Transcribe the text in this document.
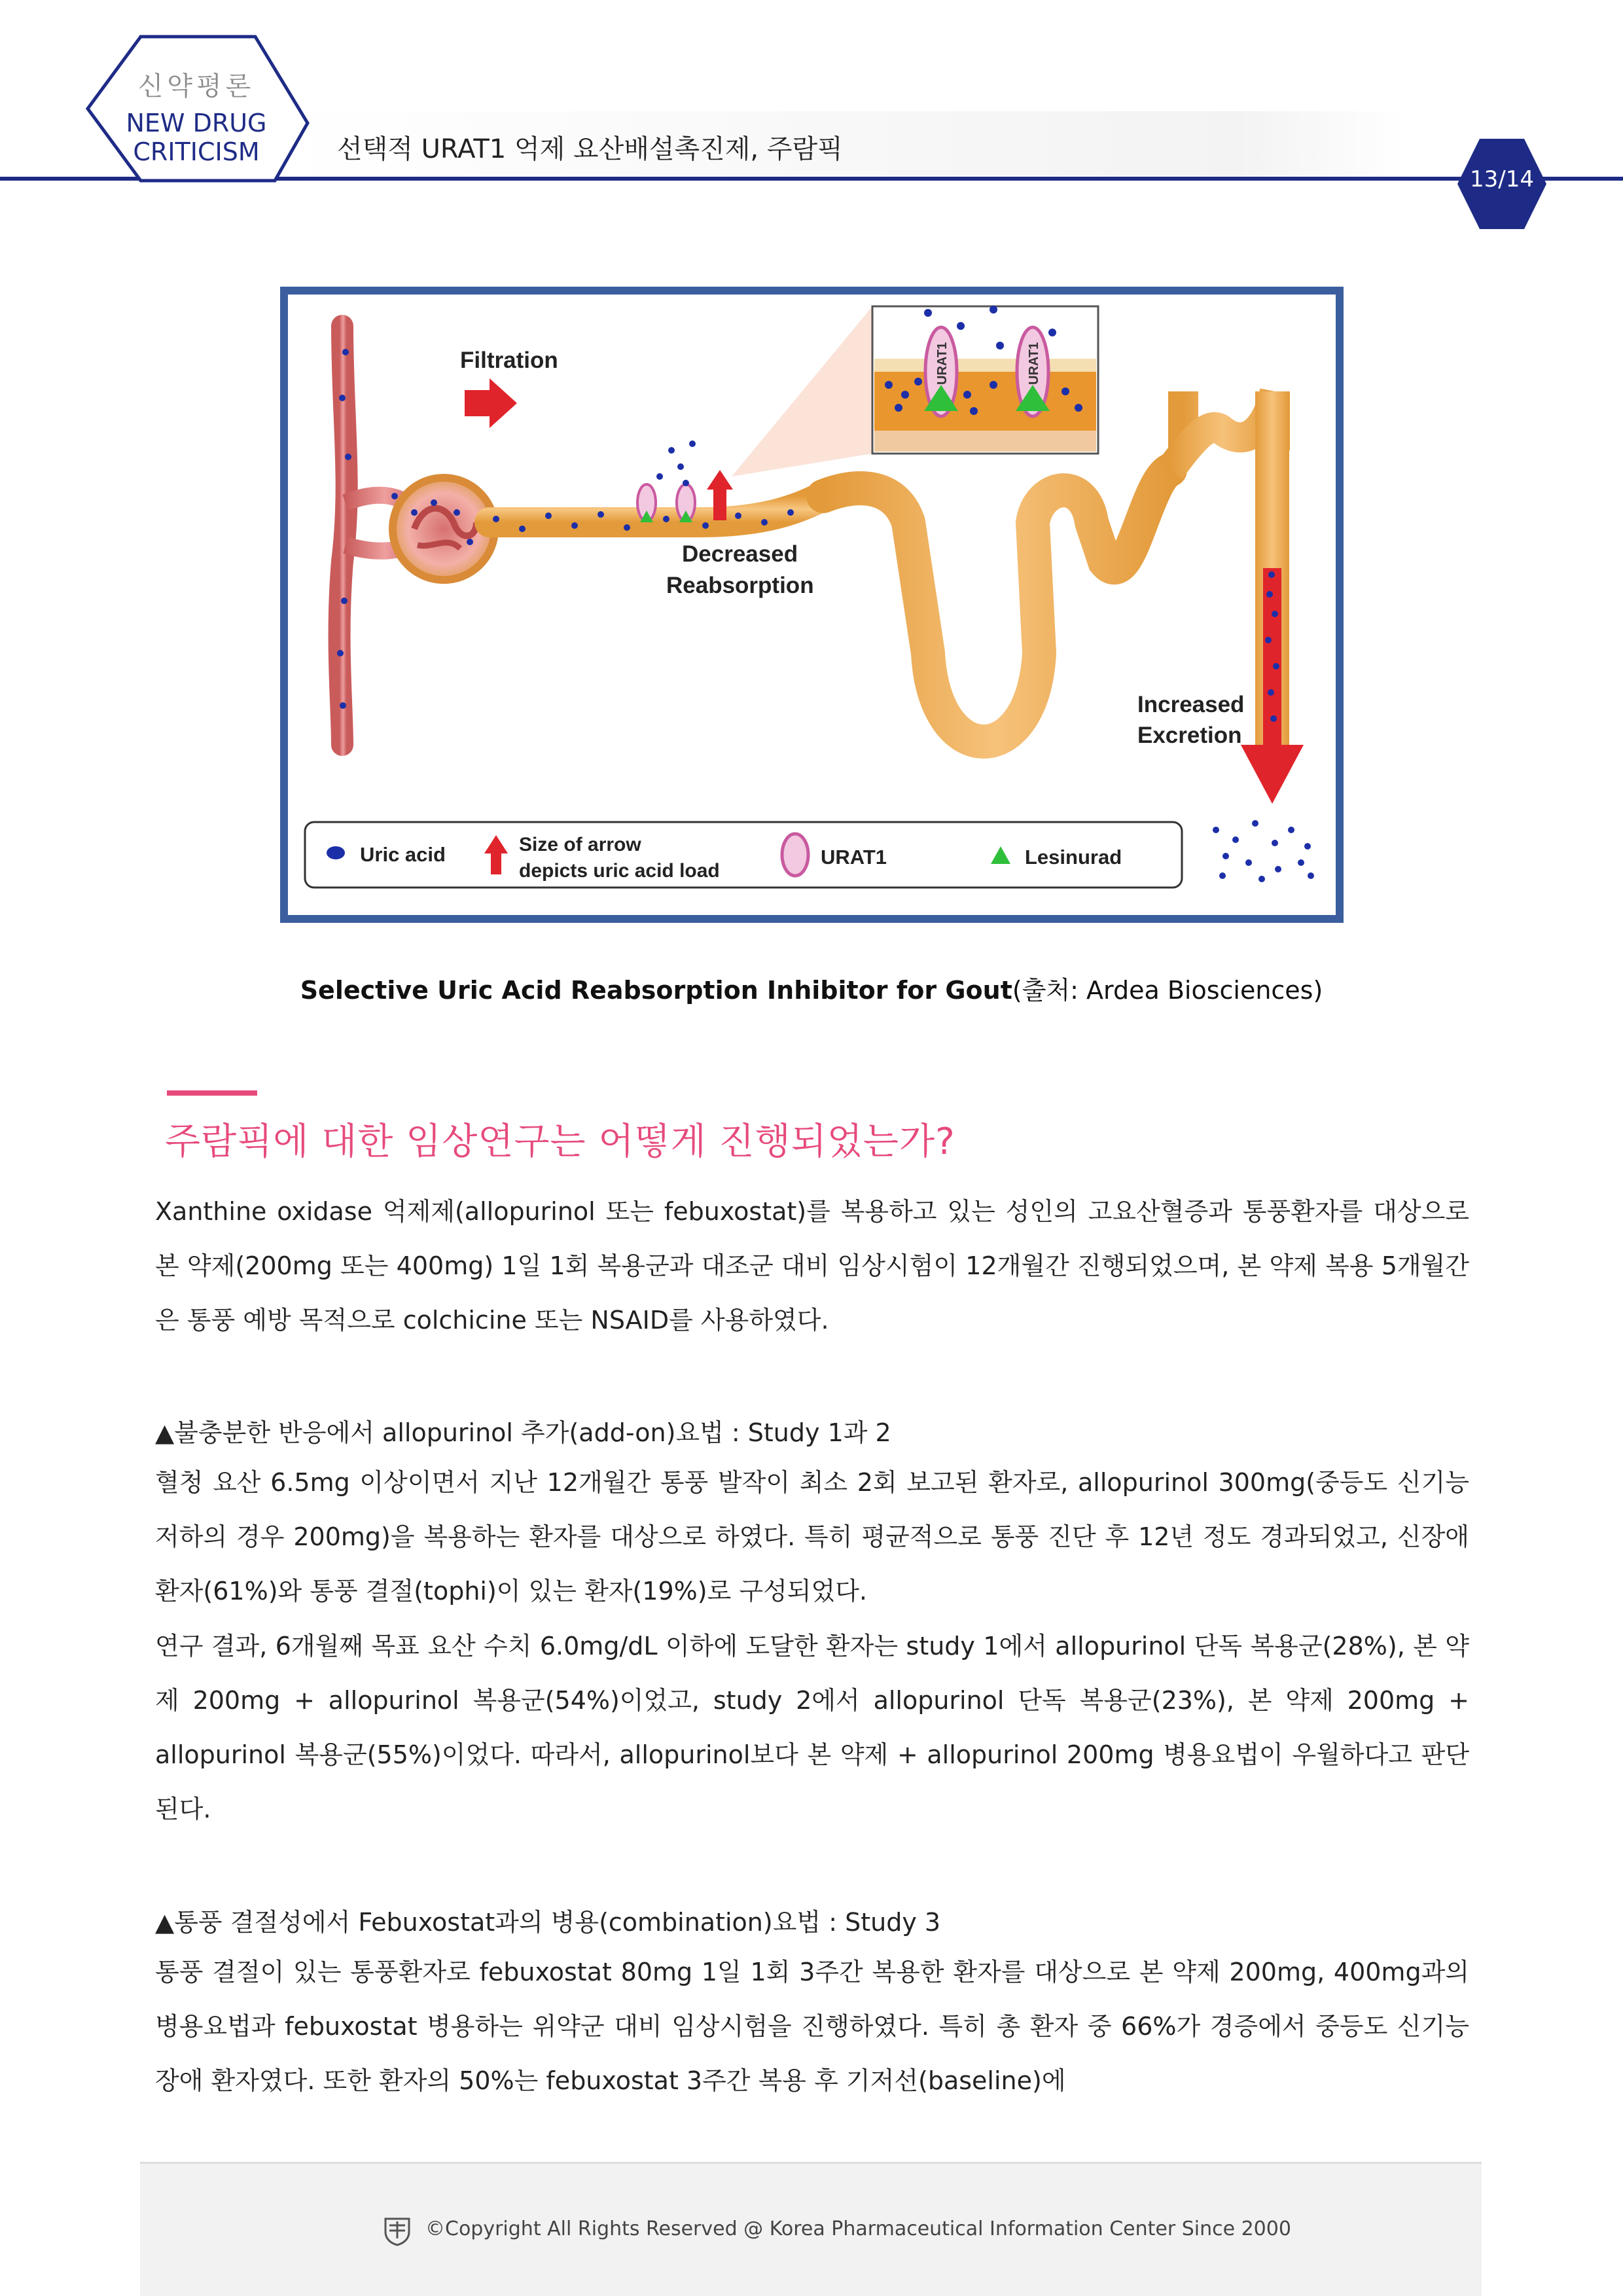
신약평론
NEW DRUG
CRITICISM	선택적 URAT1 억제 요산배설촉진제, 주람픽
13/14
Filtration
Decreased
Reabsorption
URAT1	URAT1
Increased
Excretion
Uric acid	Size of arrow
depicts uric acid load
URAT1	Lesinurad
Selective Uric Acid Reabsorption Inhibitor for Gout(출처: Ardea Biosciences)
주람픽에 대한 임상연구는 어떻게 진행되었는가?
Xanthine oxidase 억제제(allopurinol 또는 febuxostat)를 복용하고 있는 성인의 고요산혈증과 통풍환자를 대상으로 본 약제(200mg 또는 400mg) 1일 1회 복용군과 대조군 대비 임상시험이 12개월간 진행되었으며, 본 약제 복용 5개월간은 통풍 예방 목적으로 colchicine 또는 NSAID를 사용하였다.
▲불충분한 반응에서 allopurinol 추가(add-on)요법 : Study 1과 2
혈청 요산 6.5mg 이상이면서 지난 12개월간 통풍 발작이 최소 2회 보고된 환자로, allopurinol 300mg(중등도 신기능 저하의 경우 200mg)을 복용하는 환자를 대상으로 하였다. 특히 평균적으로 통풍 진단 후 12년 정도 경과되었고, 신장애 환자(61%)와 통풍 결절(tophi)이 있는 환자(19%)로 구성되었다.
연구 결과, 6개월째 목표 요산 수치 6.0mg/dL 이하에 도달한 환자는 study 1에서 allopurinol 단독 복용군(28%), 본 약제 200mg + allopurinol 복용군(54%)이었고, study 2에서 allopurinol 단독 복용군(23%), 본 약제 200mg + allopurinol 복용군(55%)이었다. 따라서, allopurinol보다 본 약제 + allopurinol 200mg 병용요법이 우월하다고 판단된다.
▲통풍 결절성에서 Febuxostat과의 병용(combination)요법 : Study 3
통풍 결절이 있는 통풍환자로 febuxostat 80mg 1일 1회 3주간 복용한 환자를 대상으로 본 약제 200mg, 400mg과의 병용요법과 febuxostat 병용하는 위약군 대비 임상시험을 진행하였다. 특히 총 환자 중 66%가 경증에서 중등도 신기능 장애 환자였다. 또한 환자의 50%는 febuxostat 3주간 복용 후 기저선(baseline)에
©Copyright All Rights Reserved @ Korea Pharmaceutical Information Center Since 2000
